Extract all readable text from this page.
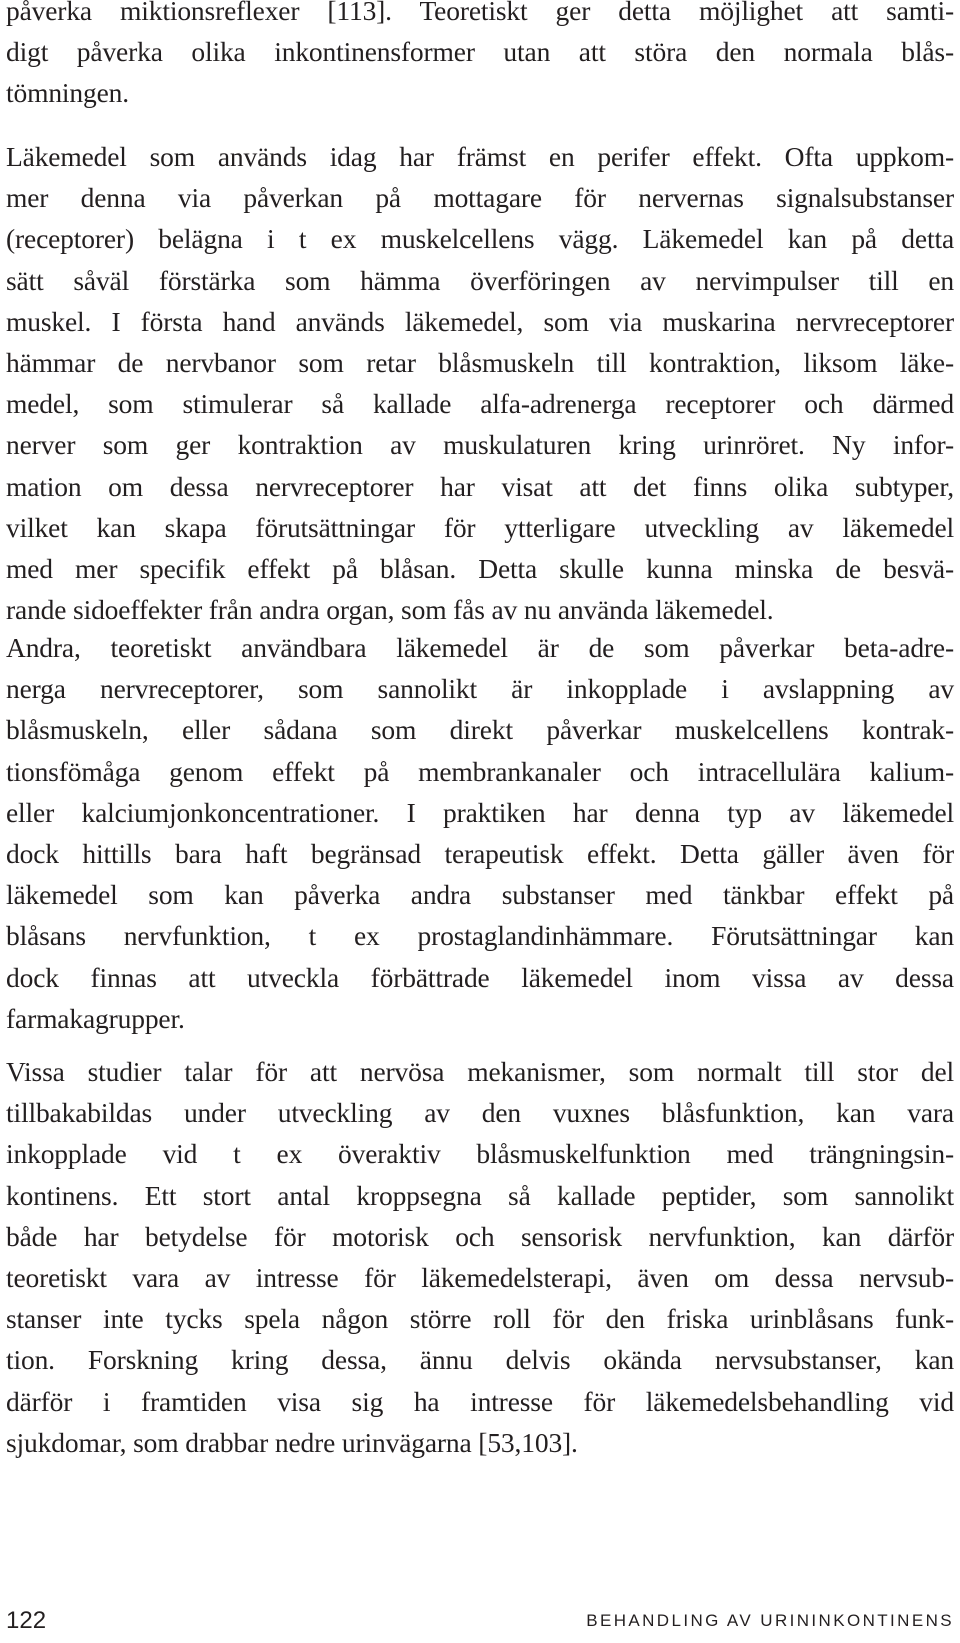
påverka miktionsreflexer [113]. Teoretiskt ger detta möjlighet att samti-
digt påverka olika inkontinensformer utan att störa den normala blås-
tömningen.
Läkemedel som används idag har främst en perifer effekt. Ofta uppkom-
mer denna via påverkan på mottagare för nervernas signalsubstanser
(receptorer) belägna i t ex muskelcellens vägg. Läkemedel kan på detta
sätt såväl förstärka som hämma överföringen av nervimpulser till en
muskel. I första hand används läkemedel, som via muskarina nervreceptorer
hämmar de nervbanor som retar blåsmuskeln till kontraktion, liksom läke-
medel, som stimulerar så kallade alfa-adrenerga receptorer och därmed
nerver som ger kontraktion av muskulaturen kring urinröret. Ny infor-
mation om dessa nervreceptorer har visat att det finns olika subtyper,
vilket kan skapa förutsättningar för ytterligare utveckling av läkemedel
med mer specifik effekt på blåsan. Detta skulle kunna minska de besvä-
rande sidoeffekter från andra organ, som fås av nu använda läkemedel.
Andra, teoretiskt användbara läkemedel är de som påverkar beta-adre-
nerga nervreceptorer, som sannolikt är inkopplade i avslappning av
blåsmuskeln, eller sådana som direkt påverkar muskelcellens kontrak-
tionsfömåga genom effekt på membrankanaler och intracellulära kalium-
eller kalciumjonkoncentrationer. I praktiken har denna typ av läkemedel
dock hittills bara haft begränsad terapeutisk effekt. Detta gäller även för
läkemedel som kan påverka andra substanser med tänkbar effekt på
blåsans nervfunktion, t ex prostaglandinhämmare. Förutsättningar kan
dock finnas att utveckla förbättrade läkemedel inom vissa av dessa
farmakagrupper.
Vissa studier talar för att nervösa mekanismer, som normalt till stor del
tillbakabildas under utveckling av den vuxnes blåsfunktion, kan vara
inkopplade vid t ex överaktiv blåsmuskelfunktion med trängningsin-
kontinens. Ett stort antal kroppsegna så kallade peptider, som sannolikt
både har betydelse för motorisk och sensorisk nervfunktion, kan därför
teoretiskt vara av intresse för läkemedelsterapi, även om dessa nervsub-
stanser inte tycks spela någon större roll för den friska urinblåsans funk-
tion. Forskning kring dessa, ännu delvis okända nervsubstanser, kan
därför i framtiden visa sig ha intresse för läkemedelsbehandling vid
sjukdomar, som drabbar nedre urinvägarna [53,103].
122	BEHANDLING AV URININKONTINENS
